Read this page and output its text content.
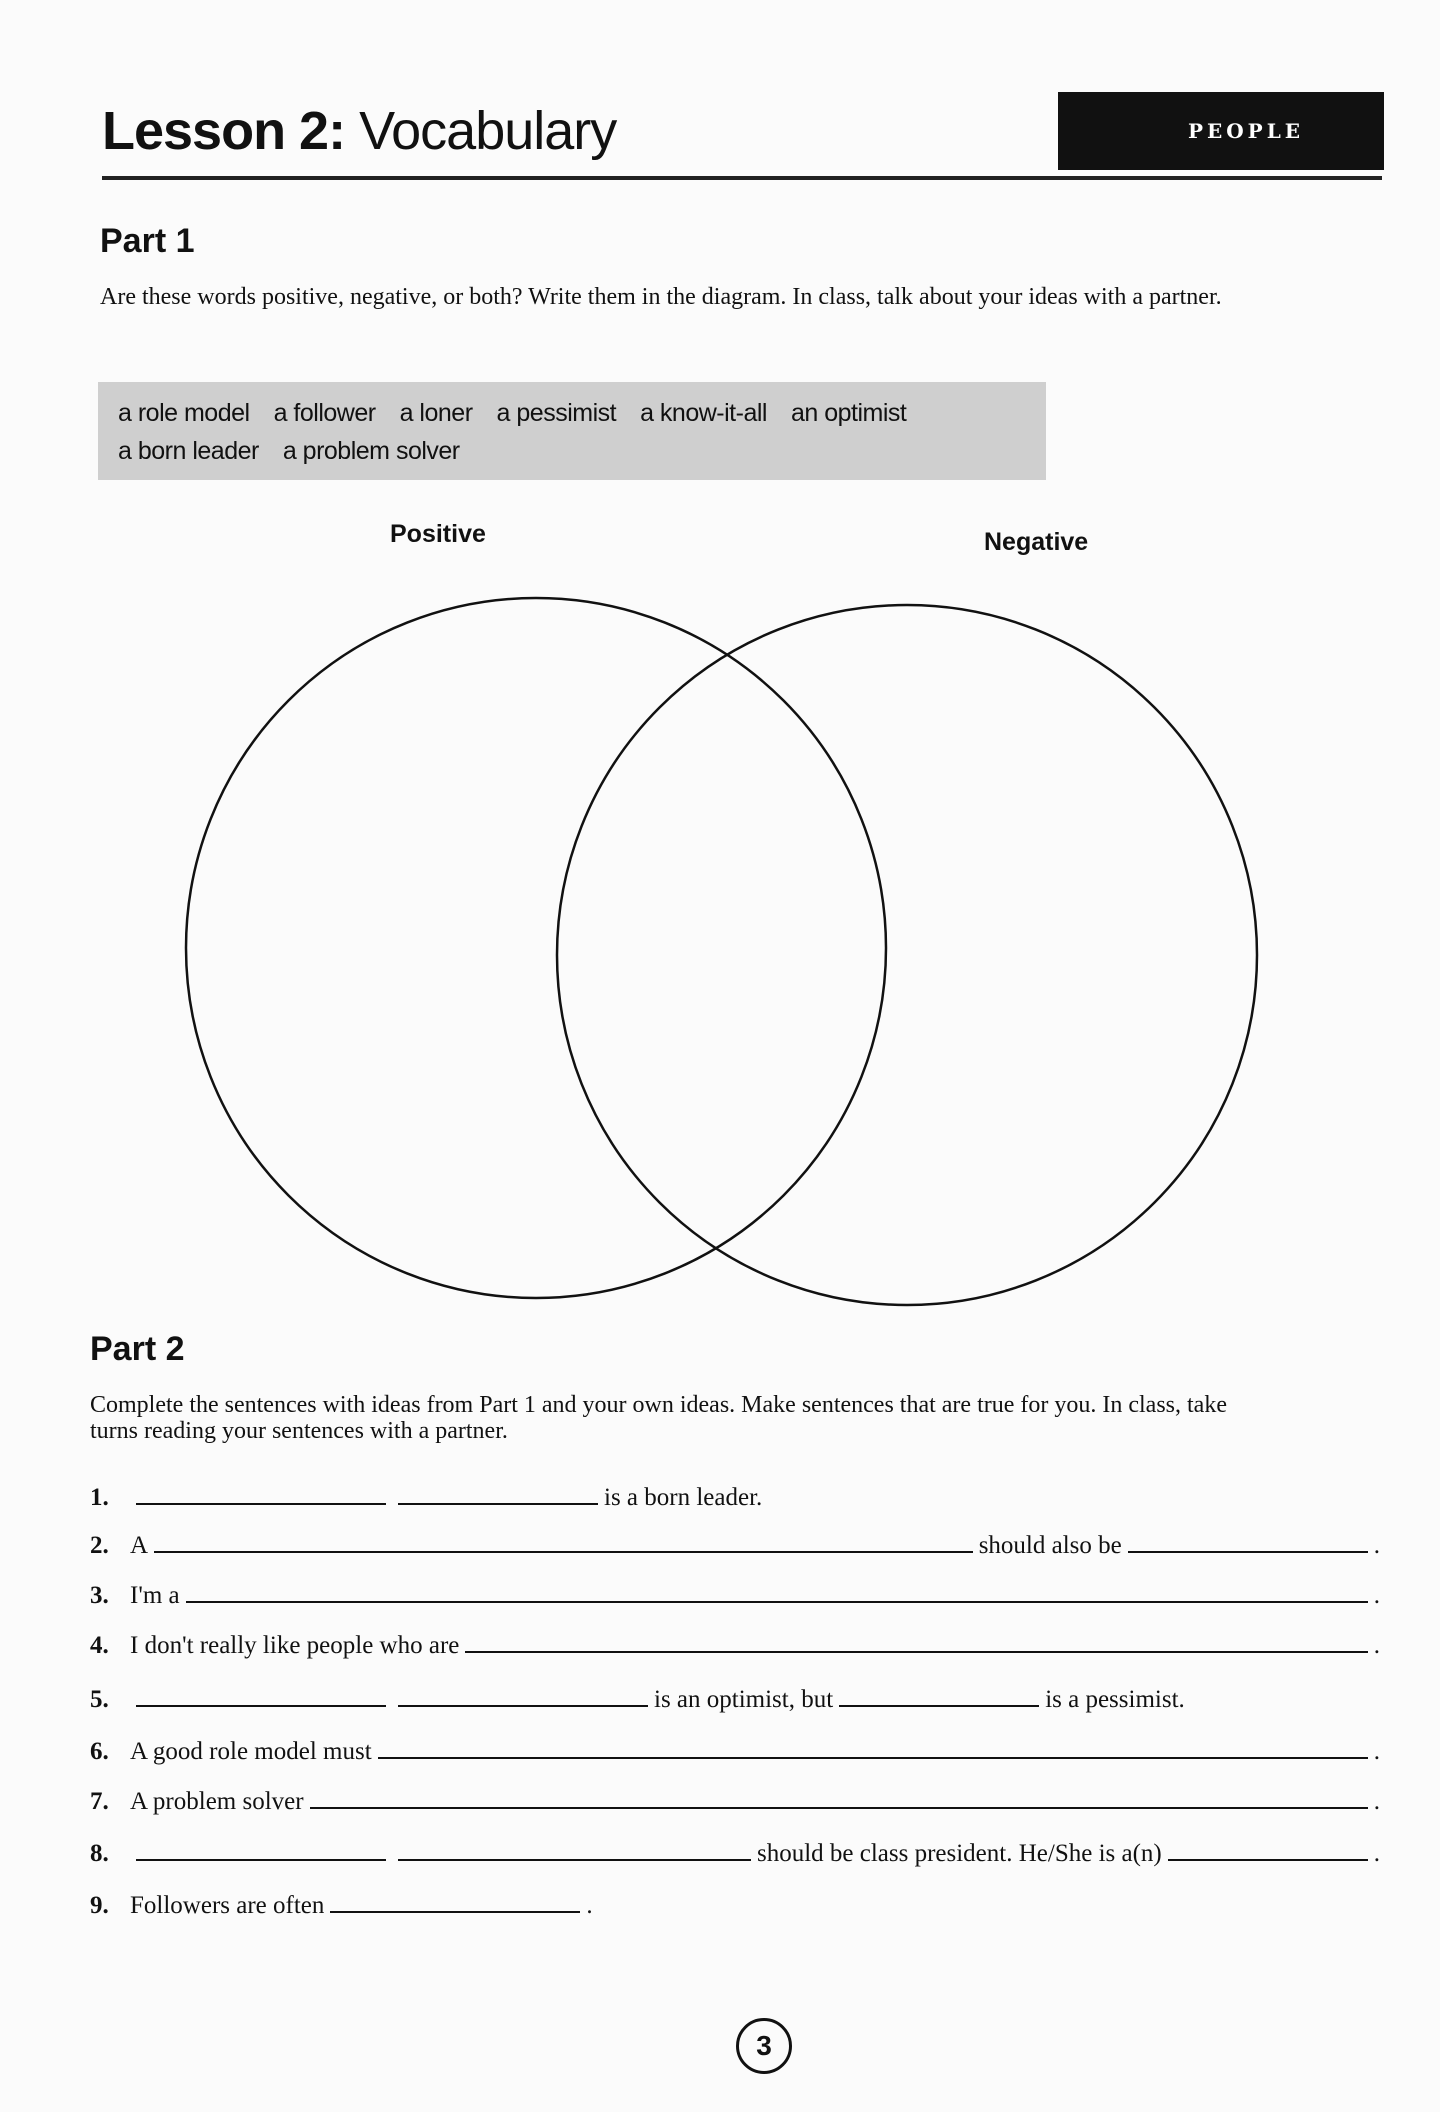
Lesson 2: Vocabulary	PEOPLE
Part 1
Are these words positive, negative, or both? Write them in the diagram. In class, talk about your ideas with a partner.
a role model a follower a loner a pessimist a know-it-all an optimist
a born leader a problem solver
Positive	Negative
Part 2
Complete the sentences with ideas from Part 1 and your own ideas. Make sentences that are true for you. In class, take turns reading your sentences with a partner.
1.	is a born leader.
2. A	should also be	.
3. I'm a	.
4. I don't really like people who are	.
5.	is an optimist, but	is a pessimist.
6. A good role model must	.
7. A problem solver	.
8.	should be class president. He/She is a(n)	.
9. Followers are often	.
3
